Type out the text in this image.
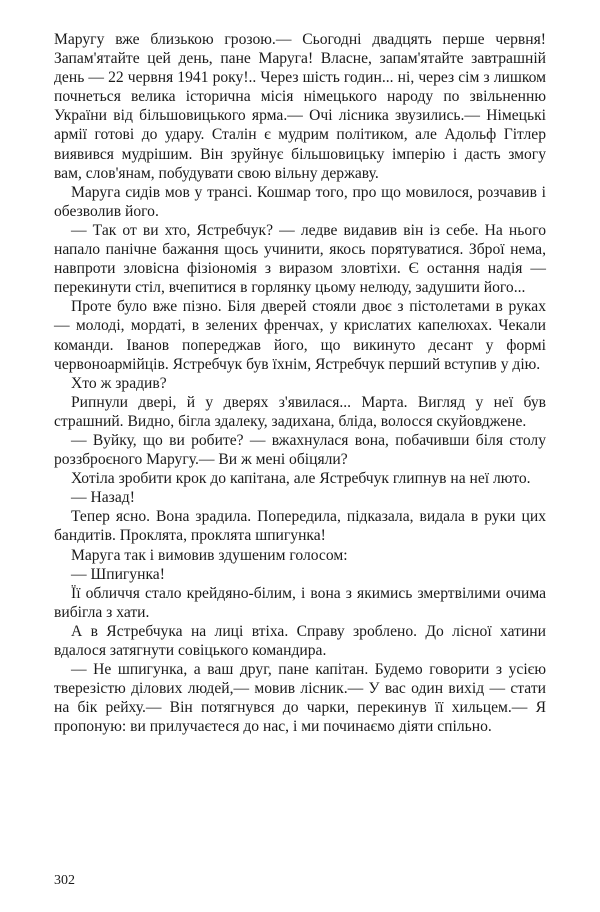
Маругу вже близькою грозою.— Сьогодні двадцять перше червня! Запам'ятайте цей день, пане Маруга! Власне, запам'ятайте завтрашній день — 22 червня 1941 року!.. Через шість годин... ні, через сім з лишком почнеться велика історична місія німецького народу по звільненню України від більшовицького ярма.— Очі лісника звузились.— Німецькі армії готові до удару. Сталін є мудрим політиком, але Адольф Гітлер виявився мудрішим. Він зруйнує більшовицьку імперію і дасть змогу вам, слов'янам, побудувати свою вільну державу.

Маруга сидів мов у трансі. Кошмар того, про що мовилося, розчавив і обезволив його.

— Так от ви хто, Ястребчук? — ледве видавив він із себе. На нього напало панічне бажання щось учинити, якось порятуватися. Зброї нема, навпроти зловісна фізіономія з виразом зловтіхи. Є остання надія — перекинути стіл, вчепитися в горлянку цьому нелюду, задушити його...

Проте було вже пізно. Біля дверей стояли двоє з пістолетами в руках — молоді, мордаті, в зелених френчах, у крислатих капелюхах. Чекали команди. Іванов попереджав його, що викинуто десант у формі червоноармійців. Ястребчук був їхнім, Ястребчук перший вступив у дію.

Хто ж зрадив?

Рипнули двері, й у дверях з'явилася... Марта. Вигляд у неї був страшний. Видно, бігла здалеку, задихана, бліда, волосся скуйовджене.

— Вуйку, що ви робите? — вжахнулася вона, побачивши біля столу роззброєного Маругу.— Ви ж мені обіцяли?

Хотіла зробити крок до капітана, але Ястребчук глипнув на неї люто.

— Назад!

Тепер ясно. Вона зрадила. Попередила, підказала, видала в руки цих бандитів. Проклята, проклята шпигунка!

Маруга так і вимовив здушеним голосом:

— Шпигунка!

Її обличчя стало крейдяно-білим, і вона з якимись змертвілими очима вибігла з хати.

А в Ястребчука на лиці втіха. Справу зроблено. До лісної хатини вдалося затягнути совіцького командира.

— Не шпигунка, а ваш друг, пане капітан. Будемо говорити з усією тверезістю ділових людей,— мовив лісник.— У вас один вихід — стати на бік рейху.— Він потягнувся до чарки, перекинув її хильцем.— Я пропоную: ви прилучаєтеся до нас, і ми починаємо діяти спільно.

302
